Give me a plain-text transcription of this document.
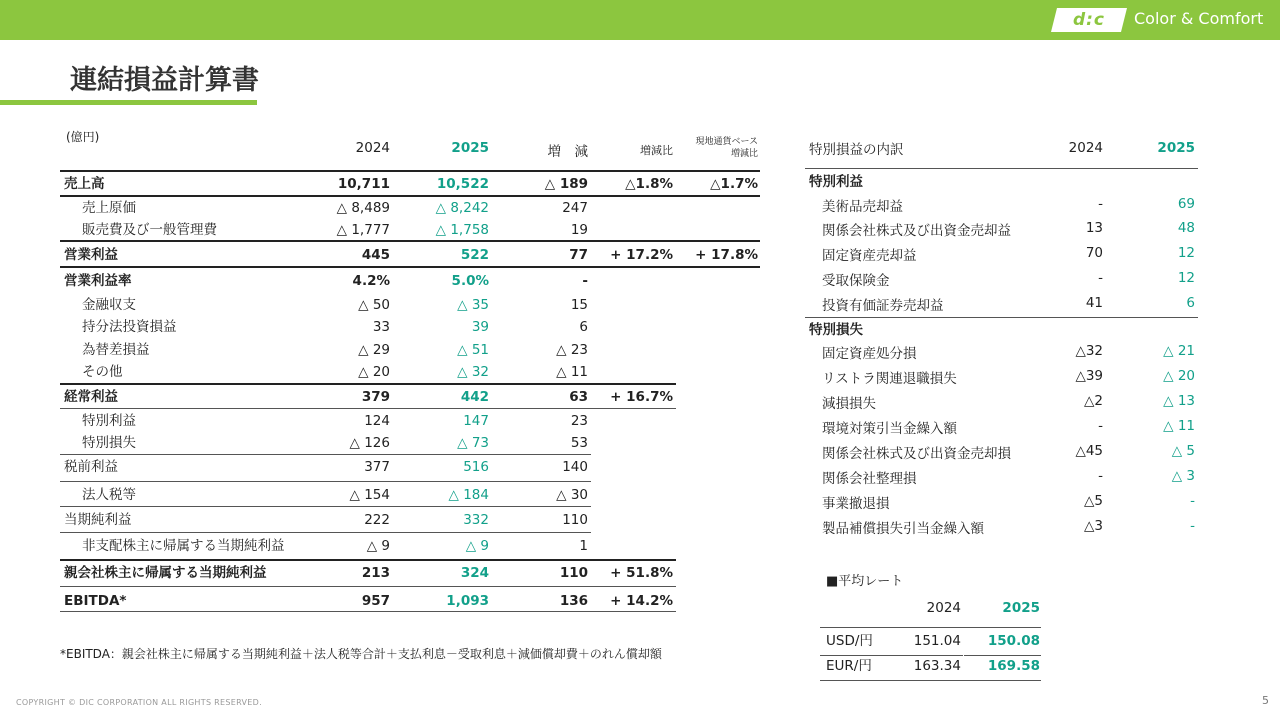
d:c	Color & Comfort
連結損益計算書
(億円)
2024	2025	増　減	増減比
現地通貨ベース
増減比
売上高	10,711	10,522	△ 189	△1.8%	△1.7%
売上原価	△ 8,489	△ 8,242	247
販売費及び一般管理費	△ 1,777	△ 1,758	19
営業利益	445	522	77	+ 17.2%	+ 17.8%
営業利益率	4.2%	5.0%	-
金融収支	△ 50	△ 35	15
持分法投資損益	33	39	6
為替差損益	△ 29	△ 51	△ 23
その他	△ 20	△ 32	△ 11
経常利益	379	442	63	+ 16.7%
特別利益	124	147	23
特別損失	△ 126	△ 73	53
税前利益	377	516	140
法人税等	△ 154	△ 184	△ 30
当期純利益	222	332	110
非支配株主に帰属する当期純利益	△ 9	△ 9	1
親会社株主に帰属する当期純利益	213	324	110	+ 51.8%
EBITDA*	957	1,093	136	+ 14.2%
特別損益の内訳	2024	2025
特別利益
美術品売却益	-	69
関係会社株式及び出資金売却益	13	48
固定資産売却益	70	12
受取保険金	-	12
投資有価証券売却益	41	6
特別損失
固定資産処分損	△32	△ 21
リストラ関連退職損失	△39	△ 20
減損損失	△2	△ 13
環境対策引当金繰入額	-	△ 11
関係会社株式及び出資金売却損	△45	△ 5
関係会社整理損	-	△ 3
事業撤退損	△5	-
製品補償損失引当金繰入額	△3	-
■平均レート
2024	2025
USD/円	151.04	150.08
EUR/円	163.34	169.58
*EBITDA：親会社株主に帰属する当期純利益＋法人税等合計＋支払利息－受取利息＋減価償却費＋のれん償却額
COPYRIGHT © DIC CORPORATION ALL RIGHTS RESERVED.	5
